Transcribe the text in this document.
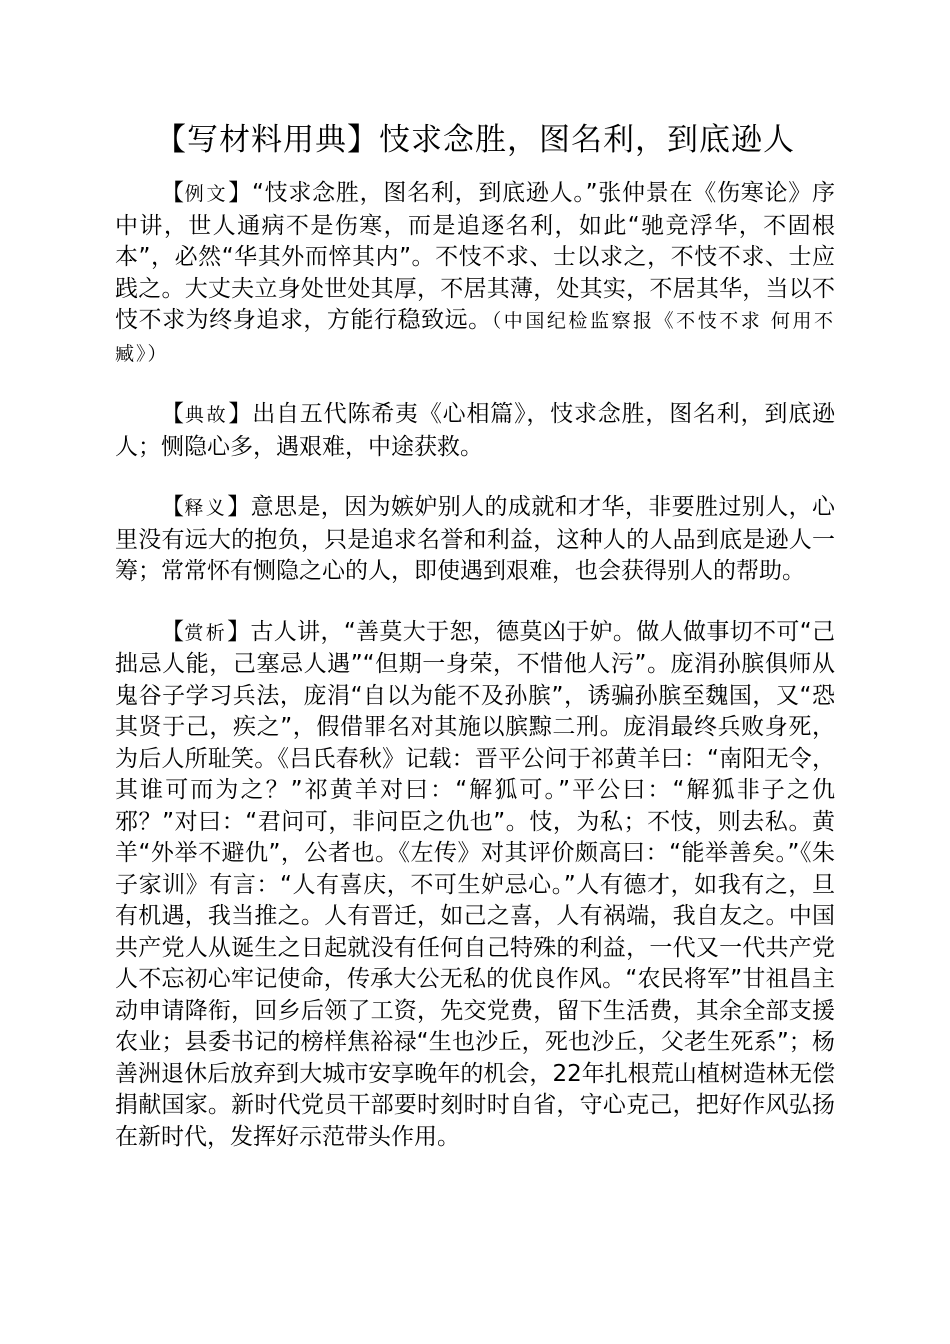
【写材料用典】忮求念胜，图名利，到底逊人

【例文】“忮求念胜，图名利，到底逊人。”张仲景在《伤寒论》序中讲，世人通病不是伤寒，而是追逐名利，如此“驰竞浮华，不固根本”，必然“华其外而悴其内”。不忮不求、士以求之，不忮不求、士应践之。大丈夫立身处世处其厚，不居其薄，处其实，不居其华，当以不忮不求为终身追求，方能行稳致远。（中国纪检监察报《不忮不求 何用不臧》）

【典故】出自五代陈希夷《心相篇》，忮求念胜，图名利，到底逊人；恻隐心多，遇艰难，中途获救。

【释义】意思是，因为嫉妒别人的成就和才华，非要胜过别人，心里没有远大的抱负，只是追求名誉和利益，这种人的人品到底是逊人一筹；常常怀有恻隐之心的人，即使遇到艰难，也会获得别人的帮助。

【赏析】古人讲，“善莫大于恕，德莫凶于妒。做人做事切不可“己拙忌人能，己塞忌人遇”“但期一身荣，不惜他人污”。庞涓孙膑俱师从鬼谷子学习兵法，庞涓“自以为能不及孙膑”，诱骗孙膑至魏国，又“恐其贤于己，疾之”，假借罪名对其施以膑黥二刑。庞涓最终兵败身死，为后人所耻笑。《吕氏春秋》记载：晋平公问于祁黄羊曰：“南阳无令，其谁可而为之？”祁黄羊对曰：“解狐可。”平公曰：“解狐非子之仇邪？”对曰：“君问可，非问臣之仇也”。忮，为私；不忮，则去私。黄羊“外举不避仇”，公者也。《左传》对其评价颇高曰：“能举善矣。”《朱子家训》有言：“人有喜庆，不可生妒忌心。”人有德才，如我有之，旦有机遇，我当推之。人有晋迁，如己之喜，人有祸端，我自友之。中国共产党人从诞生之日起就没有任何自己特殊的利益，一代又一代共产党人不忘初心牢记使命，传承大公无私的优良作风。“农民将军”甘祖昌主动申请降衔，回乡后领了工资，先交党费，留下生活费，其余全部支援农业；县委书记的榜样焦裕禄“生也沙丘，死也沙丘，父老生死系”；杨善洲退休后放弃到大城市安享晚年的机会，22年扎根荒山植树造林无偿捐献国家。新时代党员干部要时刻时时自省，守心克己，把好作风弘扬在新时代，发挥好示范带头作用。
